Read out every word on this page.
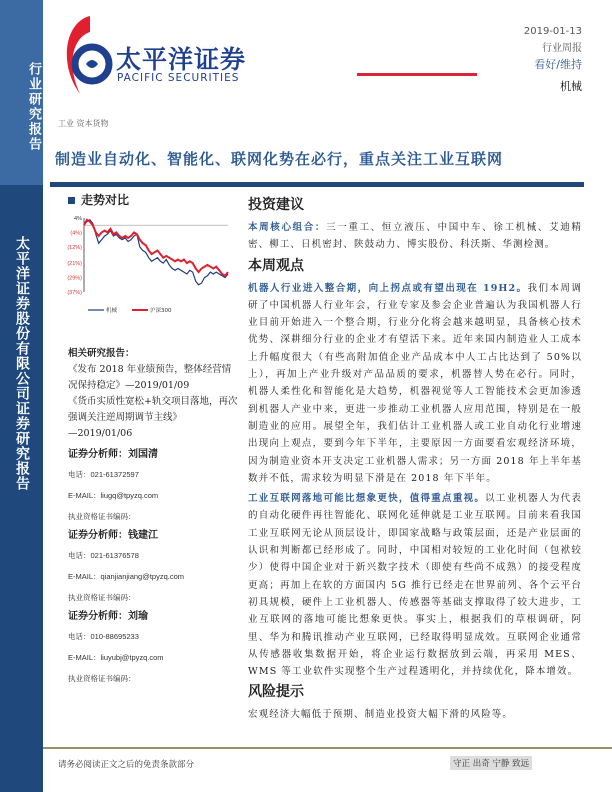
行业研究报告
太平洋证券股份有限公司证券研究报告
太平洋证券
PACIFIC SECURITIES
2019-01-13
行业周报
看好/维持
机械
工业 资本货物
制造业自动化、智能化、联网化势在必行，重点关注工业互联网
走势对比
4%
(4%)
(12%)
(21%)
(29%)
(37%)
机械	沪深300

相关研究报告：

《发布 2018 年业绩预告，整体经营情况保持稳定》—2019/01/09

《货币实质性宽松+轨交项目落地，再次强调关注逆周期调节主线》
—2019/01/06

证券分析师：刘国清
电话：021-61372597
E-MAIL：liugq@tpyzq.com
执业资格证书编码：
证券分析师：钱建江
电话：021-61376578
E-MAIL：qianjianjiang@tpyzq.com
执业资格证书编码：
证券分析师：刘瑜
电话：010-88695233
E-MAIL：liuyubj@tpyzq.com
执业资格证书编码：
投资建议
本周核心组合：三一重工、恒立液压、中国中车、徐工机械、艾迪精密、柳工、日机密封、陕鼓动力、博实股份、科沃斯、华测检测。
本周观点
机器人行业进入整合期，向上拐点或有望出现在 19H2。我们本周调研了中国机器人行业年会，行业专家及参会企业普遍认为我国机器人行业目前开始进入一个整合期，行业分化将会越来越明显，具备核心技术优势、深耕细分行业的企业才有望活下来。近年来国内制造业人工成本上升幅度很大（有些高附加值企业产品成本中人工占比达到了 50%以上），再加上产业升级对产品品质的要求，机器替人势在必行。同时，机器人柔性化和智能化是大趋势，机器视觉等人工智能技术会更加渗透到机器人产业中来，更进一步推动工业机器人应用范围，特别是在一般制造业的应用。展望全年，我们估计工业机器人或工业自动化行业增速出现向上观点，要到今年下半年，主要原因一方面要看宏观经济环境，因为制造业资本开支决定工业机器人需求；另一方面 2018 年上半年基数并不低，需求较为明显下滑是在 2018 年下半年。
工业互联网落地可能比想象更快，值得重点重视。以工业机器人为代表的自动化硬件再往智能化、联网化延伸就是工业互联网。目前来看我国工业互联网无论从顶层设计，即国家战略与政策层面，还是产业层面的认识和判断都已经形成了。同时，中国相对较短的工业化时间（包袱较少）使得中国企业对于新兴数字技术（即使有些尚不成熟）的接受程度更高；再加上在软的方面国内 5G 推行已经走在世界前列、各个云平台初具规模，硬件上工业机器人、传感器等基础支撑取得了较大进步，工业互联网的落地可能比想象更快。事实上，根据我们的草根调研，阿里、华为和腾讯推动产业互联网，已经取得明显成效。互联网企业通常从传感器收集数据开始，将企业运行数据放到云端，再采用 MES、WMS 等工业软件实现整个生产过程透明化，并持续优化，降本增效。
风险提示
宏观经济大幅低于预期、制造业投资大幅下滑的风险等。
请务必阅读正文之后的免责条款部分	守正 出奇 宁静 致远
